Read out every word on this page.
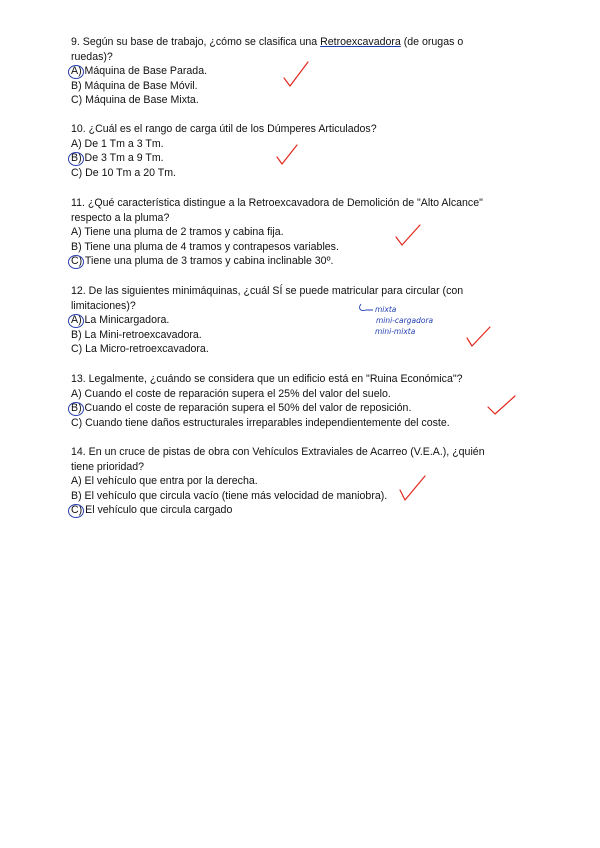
9. Según su base de trabajo, ¿cómo se clasifica una Retroexcavadora (de orugas o
ruedas)?
A) Máquina de Base Parada.
B) Máquina de Base Móvil.
C) Máquina de Base Mixta.
10. ¿Cuál es el rango de carga útil de los Dúmperes Articulados?
A) De 1 Tm a 3 Tm.
B) De 3 Tm a 9 Tm.
C) De 10 Tm a 20 Tm.
11. ¿Qué característica distingue a la Retroexcavadora de Demolición de "Alto Alcance"
respecto a la pluma?
A) Tiene una pluma de 2 tramos y cabina fija.
B) Tiene una pluma de 4 tramos y contrapesos variables.
C) Tiene una pluma de 3 tramos y cabina inclinable 30º.
12. De las siguientes minimáquinas, ¿cuál SÍ se puede matricular para circular (con
limitaciones)?
A) La Minicargadora.
B) La Mini-retroexcavadora.
C) La Micro-retroexcavadora.
13. Legalmente, ¿cuándo se considera que un edificio está en "Ruina Económica"?
A) Cuando el coste de reparación supera el 25% del valor del suelo.
B) Cuando el coste de reparación supera el 50% del valor de reposición.
C) Cuando tiene daños estructurales irreparables independientemente del coste.
14. En un cruce de pistas de obra con Vehículos Extraviales de Acarreo (V.E.A.), ¿quién
tiene prioridad?
A) El vehículo que entra por la derecha.
B) El vehículo que circula vacío (tiene más velocidad de maniobra).
C) El vehículo que circula cargado
mixta
mini-cargadora
mini-mixta
